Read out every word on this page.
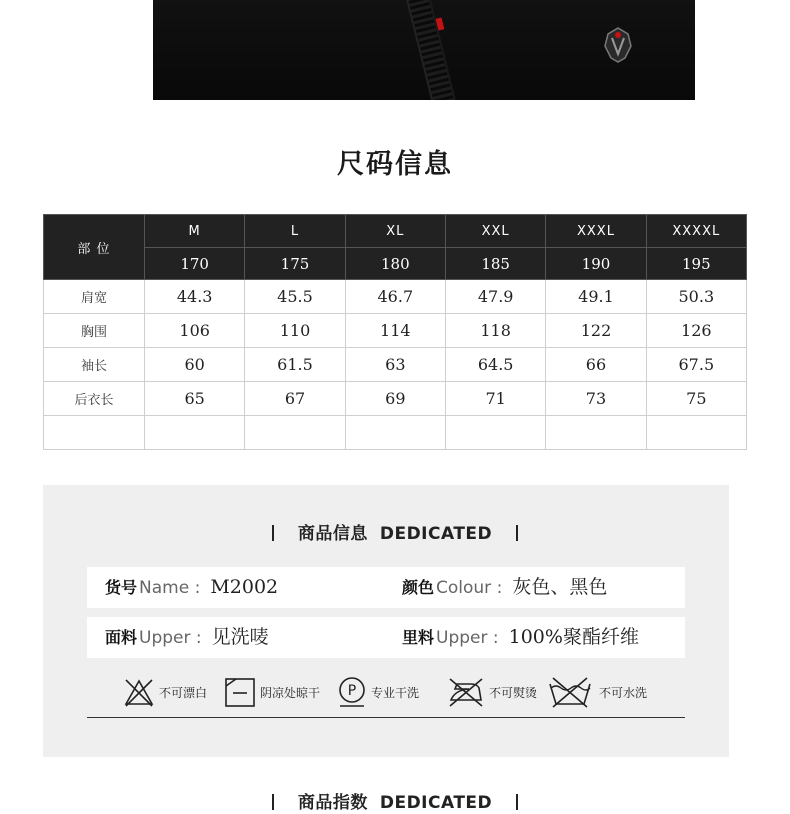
尺码信息
部 位	M	L	XL	XXL	XXXL	XXXXL
	170	175	180	185	190	195
肩宽	44.3	45.5	46.7	47.9	49.1	50.3
胸围	106	110	114	118	122	126
袖长	60	61.5	63	64.5	66	67.5
后衣长	65	67	69	71	73	75

货号 Name : M2002	颜色 Colour : 灰色、黑色
面料 Upper : 见洗唛	里料 Upper : 100%聚酯纤维
不可漂白	阴凉处晾干 P 专业干洗	不可熨烫	不可水洗
商品信息 DEDICATED
商品指数 DEDICATED
